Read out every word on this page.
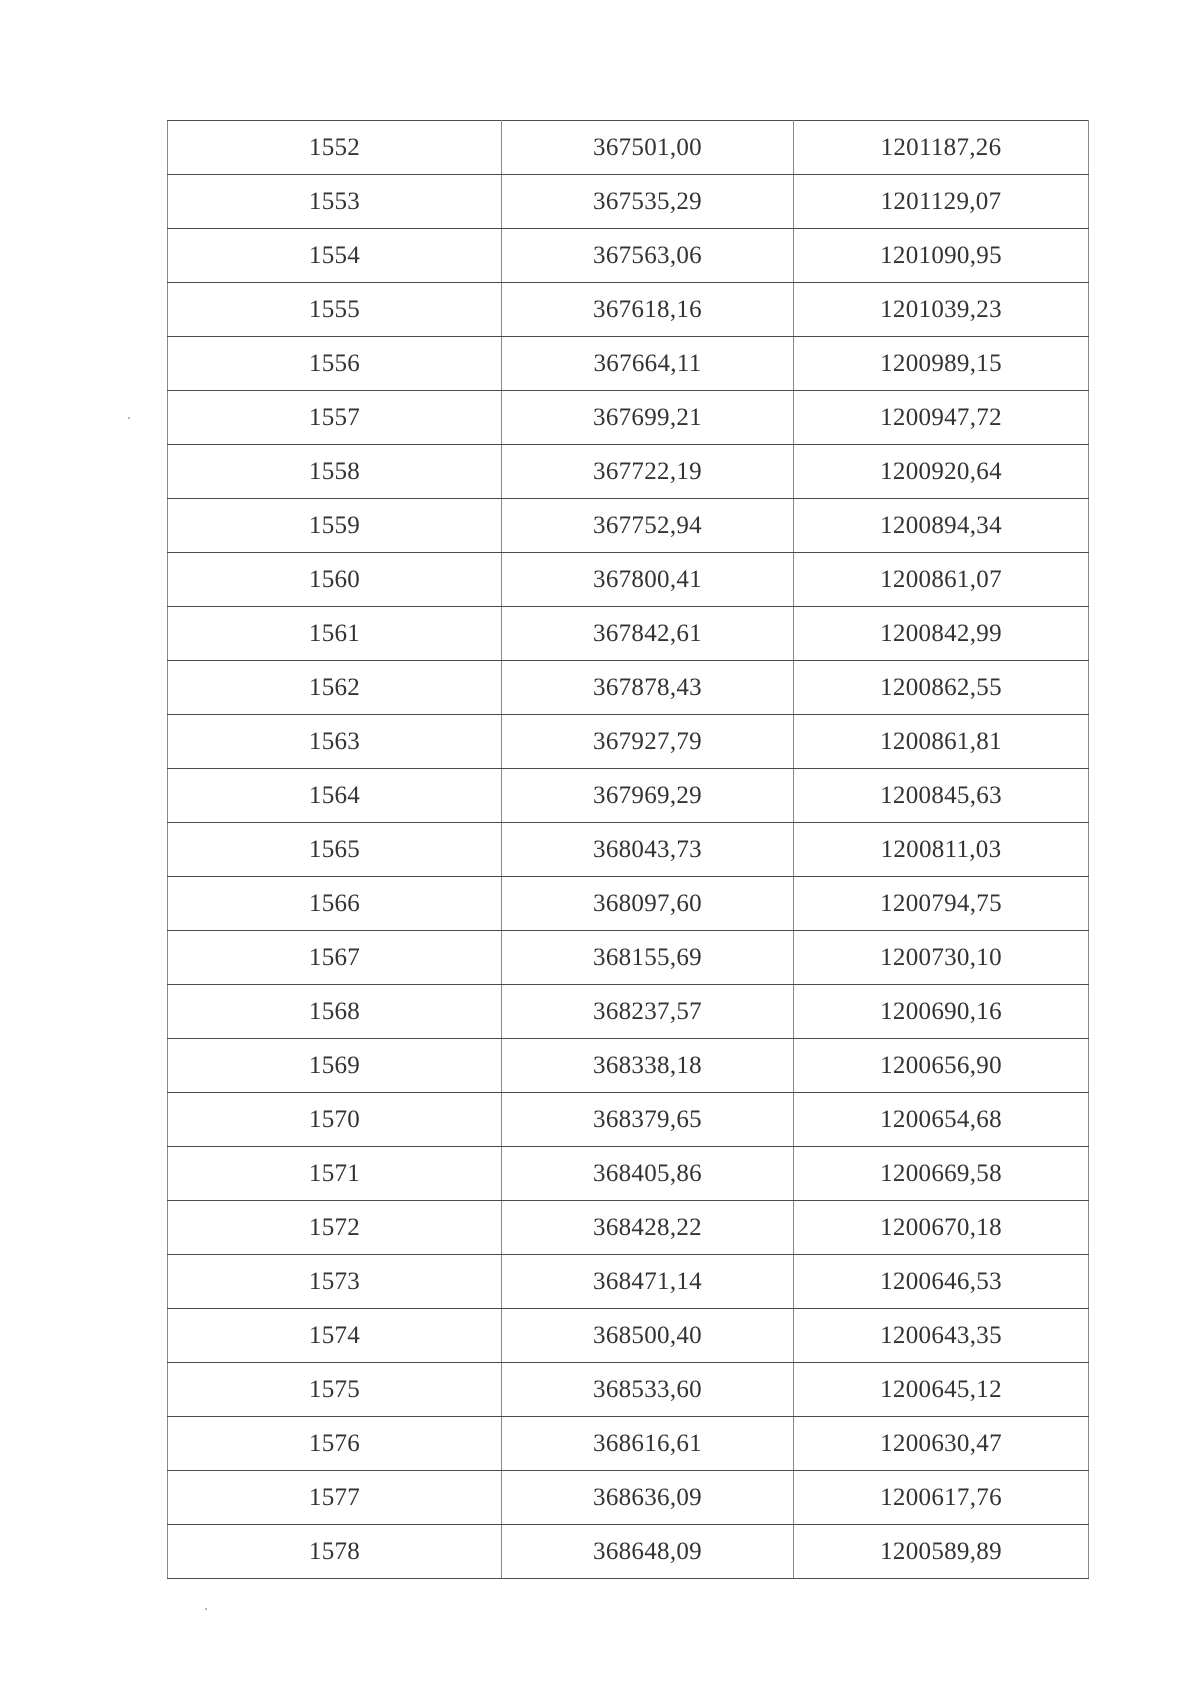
1552	367501,00	1201187,26
1553	367535,29	1201129,07
1554	367563,06	1201090,95
1555	367618,16	1201039,23
1556	367664,11	1200989,15
1557	367699,21	1200947,72
1558	367722,19	1200920,64
1559	367752,94	1200894,34
1560	367800,41	1200861,07
1561	367842,61	1200842,99
1562	367878,43	1200862,55
1563	367927,79	1200861,81
1564	367969,29	1200845,63
1565	368043,73	1200811,03
1566	368097,60	1200794,75
1567	368155,69	1200730,10
1568	368237,57	1200690,16
1569	368338,18	1200656,90
1570	368379,65	1200654,68
1571	368405,86	1200669,58
1572	368428,22	1200670,18
1573	368471,14	1200646,53
1574	368500,40	1200643,35
1575	368533,60	1200645,12
1576	368616,61	1200630,47
1577	368636,09	1200617,76
1578	368648,09	1200589,89
